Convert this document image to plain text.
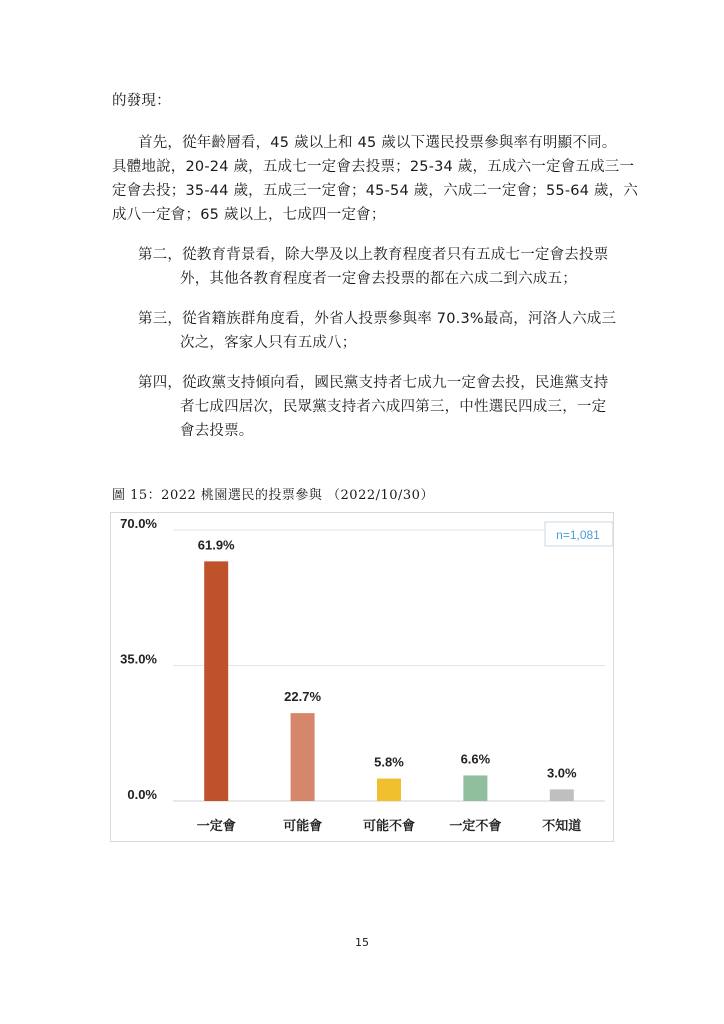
的發現：
首先，從年齡層看，45 歲以上和 45 歲以下選民投票參與率有明顯不同。
具體地說，20-24 歲，五成七一定會去投票；25-34 歲，五成六一定會五成三一
定會去投；35-44 歲，五成三一定會；45-54 歲，六成二一定會；55-64 歲，六
成八一定會；65 歲以上，七成四一定會；
第二，從教育背景看，除大學及以上教育程度者只有五成七一定會去投票
外，其他各教育程度者一定會去投票的都在六成二到六成五；
第三，從省籍族群角度看，外省人投票參與率 70.3%最高，河洛人六成三
次之，客家人只有五成八；
第四，從政黨支持傾向看，國民黨支持者七成九一定會去投，民進黨支持
者七成四居次，民眾黨支持者六成四第三，中性選民四成三，一定
會去投票。
圖 15：2022 桃園選民的投票參與 （2022/10/30）
70.0%
35.0%
0.0%
61.9%
一定會
22.7%
可能會
5.8%
可能不會
6.6%
一定不會
3.0%
不知道
n=1,081
15
